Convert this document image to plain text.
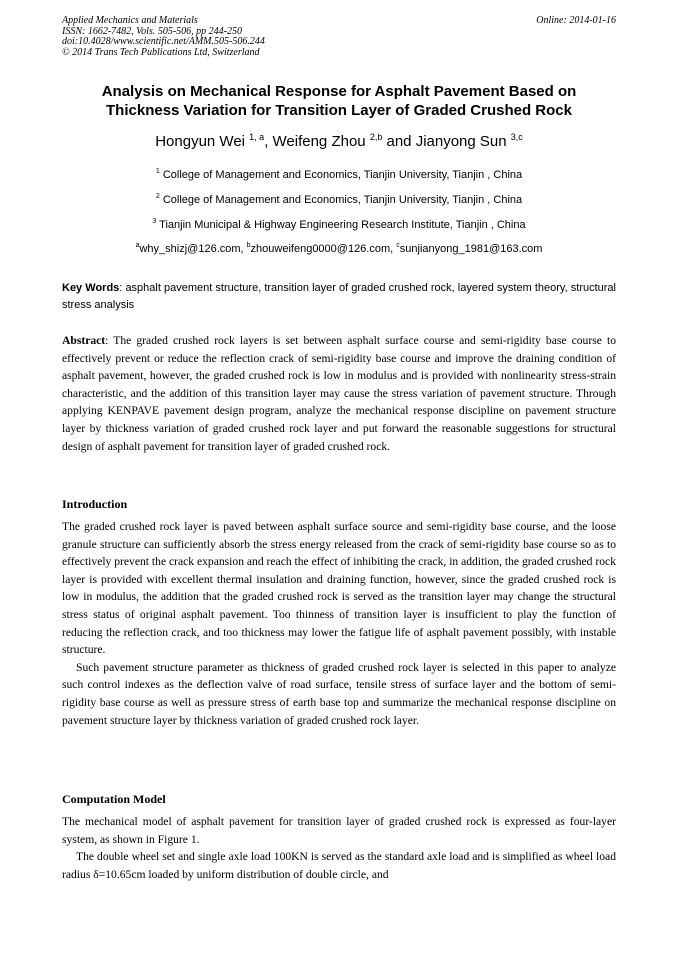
Applied Mechanics and Materials
ISSN: 1662-7482, Vols. 505-506, pp 244-250
doi:10.4028/www.scientific.net/AMM.505-506.244
© 2014 Trans Tech Publications Ltd, Switzerland
Online: 2014-01-16
Analysis on Mechanical Response for Asphalt Pavement Based on
Thickness Variation for Transition Layer of Graded Crushed Rock
Hongyun Wei $^{1, a}$, Weifeng Zhou $^{2,b}$ and Jianyong Sun $^{3,c}$
$^1$ College of Management and Economics, Tianjin University, Tianjin , China
$^2$ College of Management and Economics, Tianjin University, Tianjin , China
$^3$ Tianjin Municipal & Highway Engineering Research Institute, Tianjin , China
$^a$why_shizj@126.com, $^b$zhouweifeng0000@126.com, $^c$sunjianyong_1981@163.com
Key Words: asphalt pavement structure, transition layer of graded crushed rock, layered system theory, structural stress analysis

Abstract: The graded crushed rock layers is set between asphalt surface course and semi-rigidity base course to effectively prevent or reduce the reflection crack of semi-rigidity base course and improve the draining condition of asphalt pavement, however, the graded crushed rock is low in modulus and is provided with nonlinearity stress-strain characteristic, and the addition of this transition layer may cause the stress variation of pavement structure. Through applying KENPAVE pavement design program, analyze the mechanical response discipline on pavement structure layer by thickness variation of graded crushed rock layer and put forward the reasonable suggestions for structural design of asphalt pavement for transition layer of graded crushed rock.

Introduction

The graded crushed rock layer is paved between asphalt surface source and semi-rigidity base course, and the loose granule structure can sufficiently absorb the stress energy released from the crack of semi-rigidity base course so as to effectively prevent the crack expansion and reach the effect of inhibiting the crack, in addition, the graded crushed rock layer is provided with excellent thermal insulation and draining function, however, since the graded crushed rock is low in modulus, the addition that the graded crushed rock is served as the transition layer may change the structural stress status of original asphalt pavement. Too thinness of transition layer is insufficient to play the function of reducing the reflection crack, and too thickness may lower the fatigue life of asphalt pavement possibly, with instable structure.

Such pavement structure parameter as thickness of graded crushed rock layer is selected in this paper to analyze such control indexes as the deflection valve of road surface, tensile stress of surface layer and the bottom of semi-rigidity base course as well as pressure stress of earth base top and summarize the mechanical response discipline on pavement structure layer by thickness variation of graded crushed rock layer.

Computation Model

The mechanical model of asphalt pavement for transition layer of graded crushed rock is expressed as four-layer system, as shown in Figure 1.

The double wheel set and single axle load 100KN is served as the standard axle load and is simplified as wheel load radius δ=10.65cm loaded by uniform distribution of double circle, and
